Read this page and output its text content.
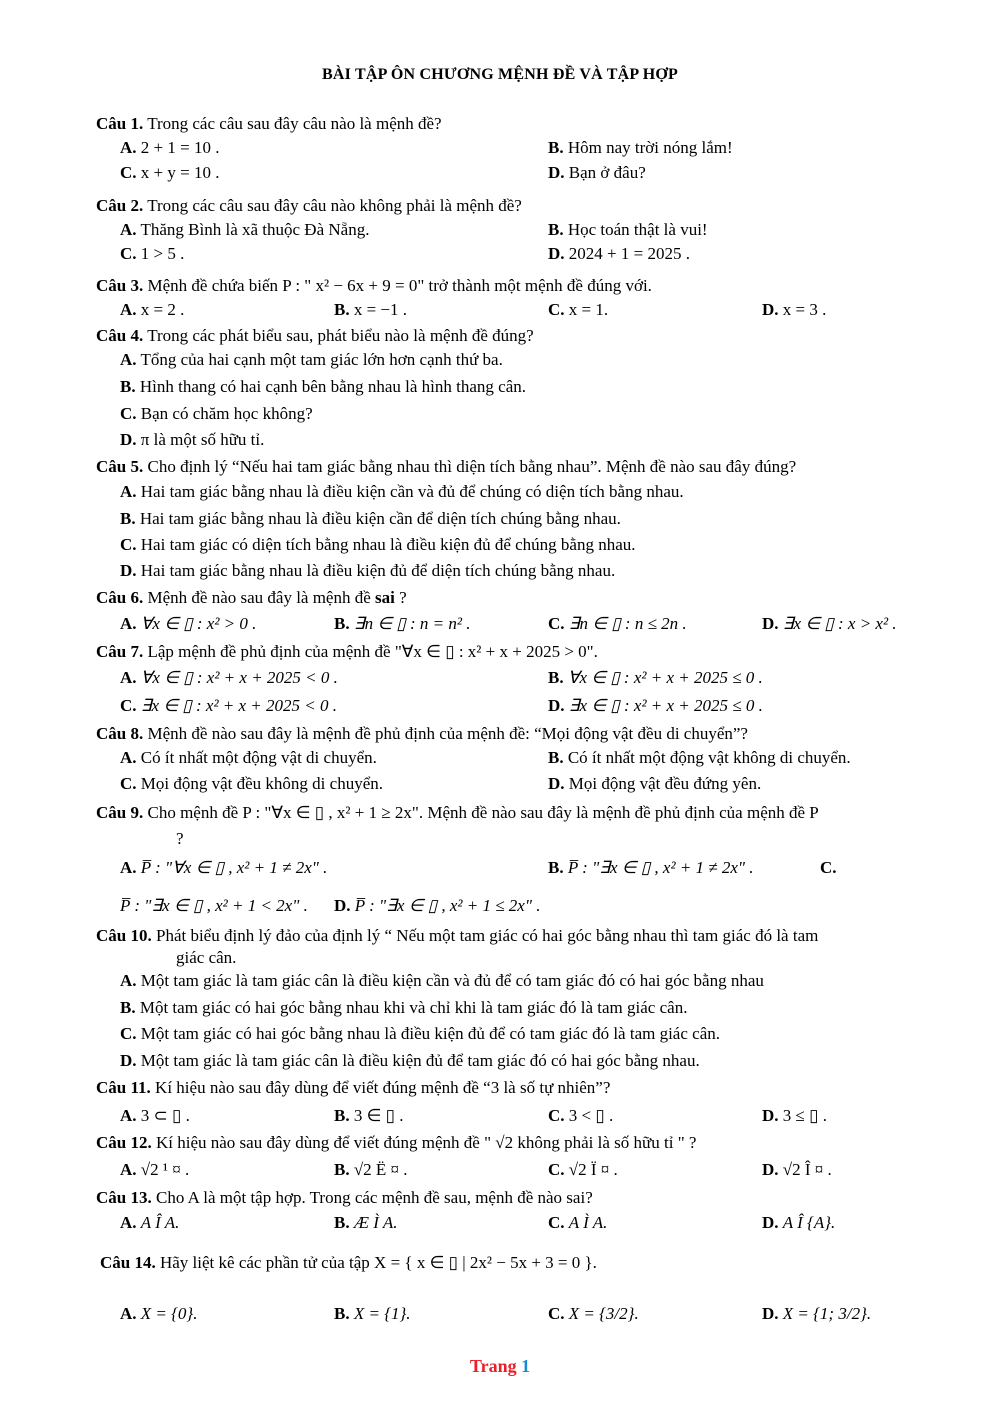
BÀI TẬP ÔN CHƯƠNG MỆNH ĐỀ VÀ TẬP HỢP
Câu 1. Trong các câu sau đây câu nào là mệnh đề?
A. 2 + 1 = 10 .	B. Hôm nay trời nóng lắm!
C. x + y = 10 .	D. Bạn ở đâu?
Câu 2. Trong các câu sau đây câu nào không phải là mệnh đề?
A. Thăng Bình là xã thuộc Đà Nẵng.	B. Học toán thật là vui!
C. 1 > 5 .	D. 2024 + 1 = 2025 .
Câu 3. Mệnh đề chứa biến P : " x² − 6x + 9 = 0" trở thành một mệnh đề đúng với.
A. x = 2 .	B. x = −1 .	C. x = 1.	D. x = 3 .
Câu 4. Trong các phát biểu sau, phát biểu nào là mệnh đề đúng?
A. Tổng của hai cạnh một tam giác lớn hơn cạnh thứ ba.
B. Hình thang có hai cạnh bên bằng nhau là hình thang cân.
C. Bạn có chăm học không?
D. π là một số hữu tỉ.
Câu 5. Cho định lý “Nếu hai tam giác bằng nhau thì diện tích bằng nhau”. Mệnh đề nào sau đây đúng?
A. Hai tam giác bằng nhau là điều kiện cần và đủ để chúng có diện tích bằng nhau.
B. Hai tam giác bằng nhau là điều kiện cần để diện tích chúng bằng nhau.
C. Hai tam giác có diện tích bằng nhau là điều kiện đủ để chúng bằng nhau.
D. Hai tam giác bằng nhau là điều kiện đủ để diện tích chúng bằng nhau.
Câu 6. Mệnh đề nào sau đây là mệnh đề sai ?
A. ∀x ∈ ▯ : x² > 0 .	B. ∃n ∈ ▯ : n = n² .	C. ∃n ∈ ▯ : n ≤ 2n .	D. ∃x ∈ ▯ : x > x² .
Câu 7. Lập mệnh đề phủ định của mệnh đề "∀x ∈ ▯ : x² + x + 2025 > 0".
A. ∀x ∈ ▯ : x² + x + 2025 < 0 .	B. ∀x ∈ ▯ : x² + x + 2025 ≤ 0 .
C. ∃x ∈ ▯ : x² + x + 2025 < 0 .	D. ∃x ∈ ▯ : x² + x + 2025 ≤ 0 .
Câu 8. Mệnh đề nào sau đây là mệnh đề phủ định của mệnh đề: “Mọi động vật đều di chuyển”?
A. Có ít nhất một động vật di chuyển.	B. Có ít nhất một động vật không di chuyển.
C. Mọi động vật đều không di chuyển.	D. Mọi động vật đều đứng yên.
Câu 9. Cho mệnh đề P : "∀x ∈ ▯ , x² + 1 ≥ 2x". Mệnh đề nào sau đây là mệnh đề phủ định của mệnh đề P
?
A. P̅ : "∀x ∈ ▯ , x² + 1 ≠ 2x" .	B. P̅ : "∃x ∈ ▯ , x² + 1 ≠ 2x" .	C.
P̅ : "∃x ∈ ▯ , x² + 1 < 2x" . D. P̅ : "∃x ∈ ▯ , x² + 1 ≤ 2x" .
Câu 10. Phát biểu định lý đảo của định lý “ Nếu một tam giác có hai góc bằng nhau thì tam giác đó là tam
giác cân.
A. Một tam giác là tam giác cân là điều kiện cần và đủ để có tam giác đó có hai góc bằng nhau
B. Một tam giác có hai góc bằng nhau khi và chỉ khi là tam giác đó là tam giác cân.
C. Một tam giác có hai góc bằng nhau là điều kiện đủ để có tam giác đó là tam giác cân.
D. Một tam giác là tam giác cân là điều kiện đủ để tam giác đó có hai góc bằng nhau.
Câu 11. Kí hiệu nào sau đây dùng để viết đúng mệnh đề “3 là số tự nhiên”?
A. 3 ⊂ ▯ .	B. 3 ∈ ▯ .	C. 3 < ▯ .	D. 3 ≤ ▯ .
Câu 12. Kí hiệu nào sau đây dùng để viết đúng mệnh đề " √2 không phải là số hữu tỉ " ?
A. √2 ¹ ¤ .	B. √2 Ë ¤ .	C. √2 Ï ¤ .	D. √2 Î ¤ .
Câu 13. Cho A là một tập hợp. Trong các mệnh đề sau, mệnh đề nào sai?
A. A Î A.	B. Æ Ì A.	C. A Ì A.	D. A Î {A}.
Câu 14. Hãy liệt kê các phần tử của tập X = { x ∈ ▯ | 2x² − 5x + 3 = 0 }.
A. X = {0}.	B. X = {1}.	C. X = {3/2}.	D. X = {1; 3/2}.
Trang 1
